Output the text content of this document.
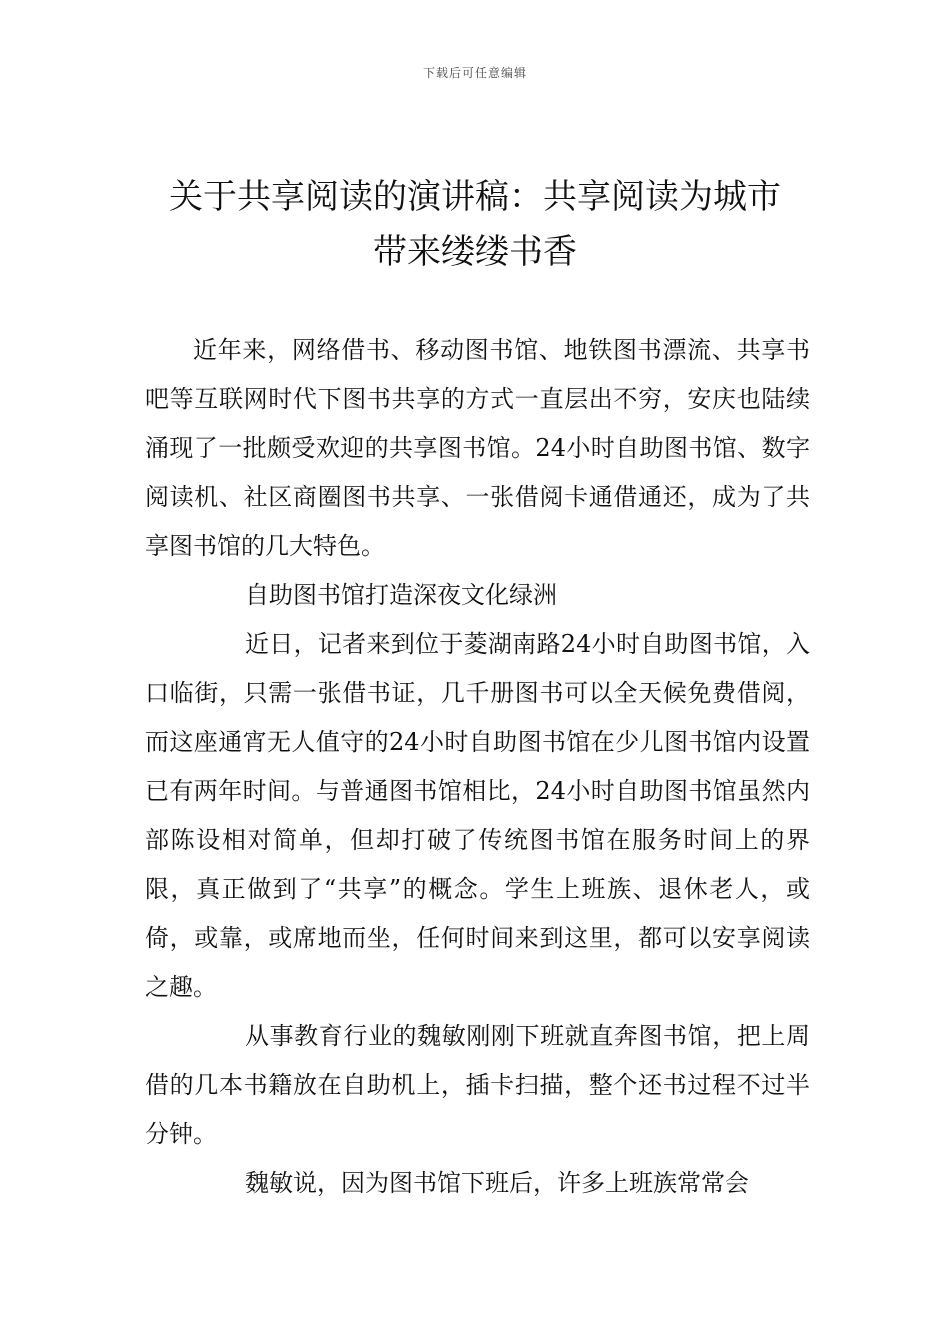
下载后可任意编辑
关于共享阅读的演讲稿：共享阅读为城市
带来缕缕书香

近年来，网络借书、移动图书馆、地铁图书漂流、共享书吧等互联网时代下图书共享的方式一直层出不穷，安庆也陆续涌现了一批颇受欢迎的共享图书馆。24小时自助图书馆、数字阅读机、社区商圈图书共享、一张借阅卡通借通还，成为了共享图书馆的几大特色。

自助图书馆打造深夜文化绿洲

近日，记者来到位于菱湖南路24小时自助图书馆，入口临街，只需一张借书证，几千册图书可以全天候免费借阅，而这座通宵无人值守的24小时自助图书馆在少儿图书馆内设置已有两年时间。与普通图书馆相比，24小时自助图书馆虽然内部陈设相对简单，但却打破了传统图书馆在服务时间上的界限，真正做到了“共享”的概念。学生上班族、退休老人，或倚，或靠，或席地而坐，任何时间来到这里，都可以安享阅读之趣。

从事教育行业的魏敏刚刚下班就直奔图书馆，把上周借的几本书籍放在自助机上，插卡扫描，整个还书过程不过半分钟。

魏敏说，因为图书馆下班后，许多上班族常常会
